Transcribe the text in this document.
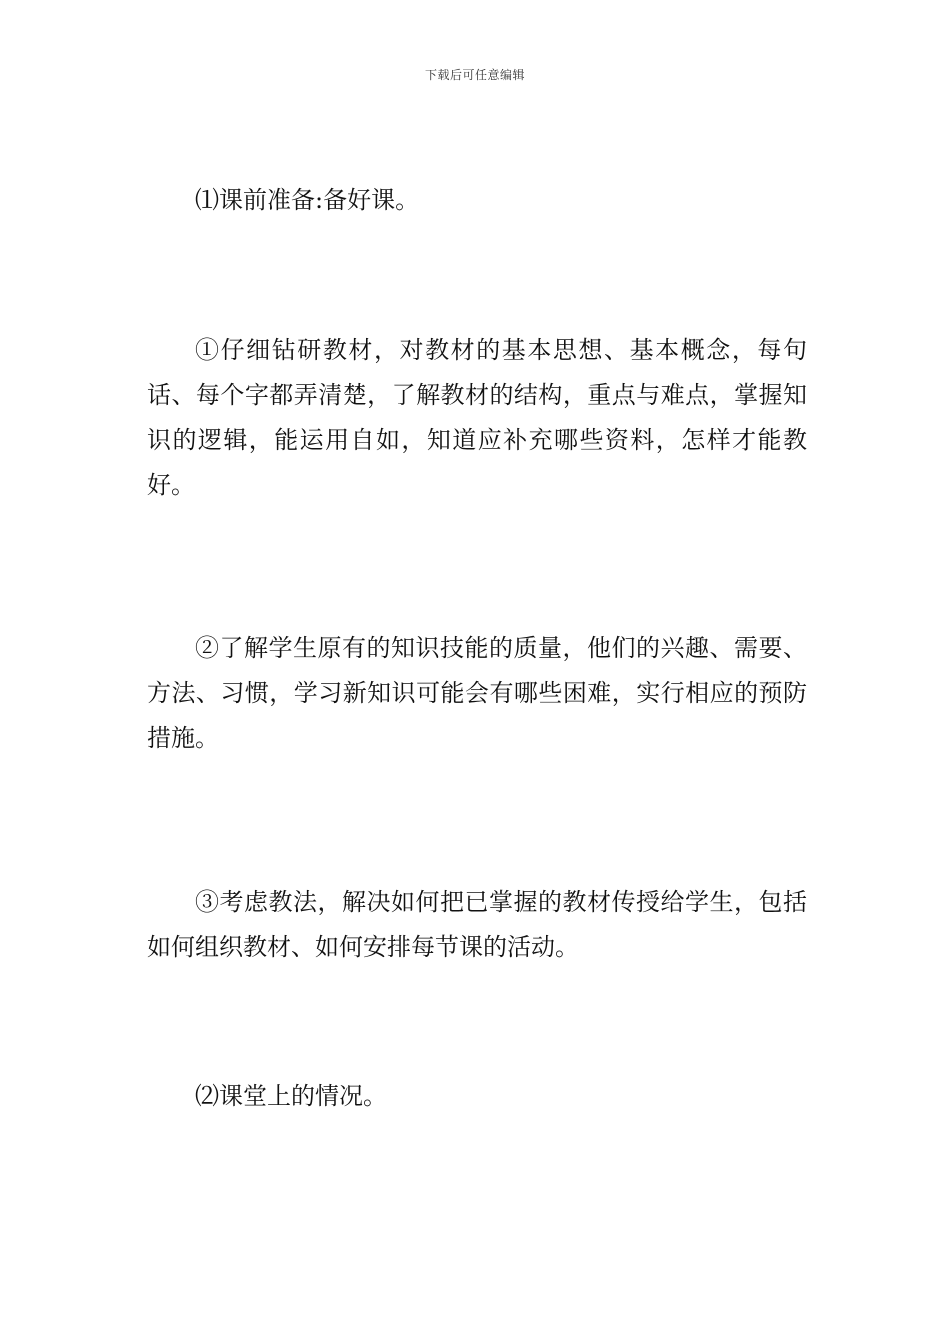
下载后可任意编辑

⑴课前准备:备好课。

①仔细钻研教材，对教材的基本思想、基本概念，每句话、每个字都弄清楚，了解教材的结构，重点与难点，掌握知识的逻辑，能运用自如，知道应补充哪些资料，怎样才能教好。

②了解学生原有的知识技能的质量，他们的兴趣、需要、方法、习惯，学习新知识可能会有哪些困难，实行相应的预防措施。

③考虑教法，解决如何把已掌握的教材传授给学生，包括如何组织教材、如何安排每节课的活动。

⑵课堂上的情况。
